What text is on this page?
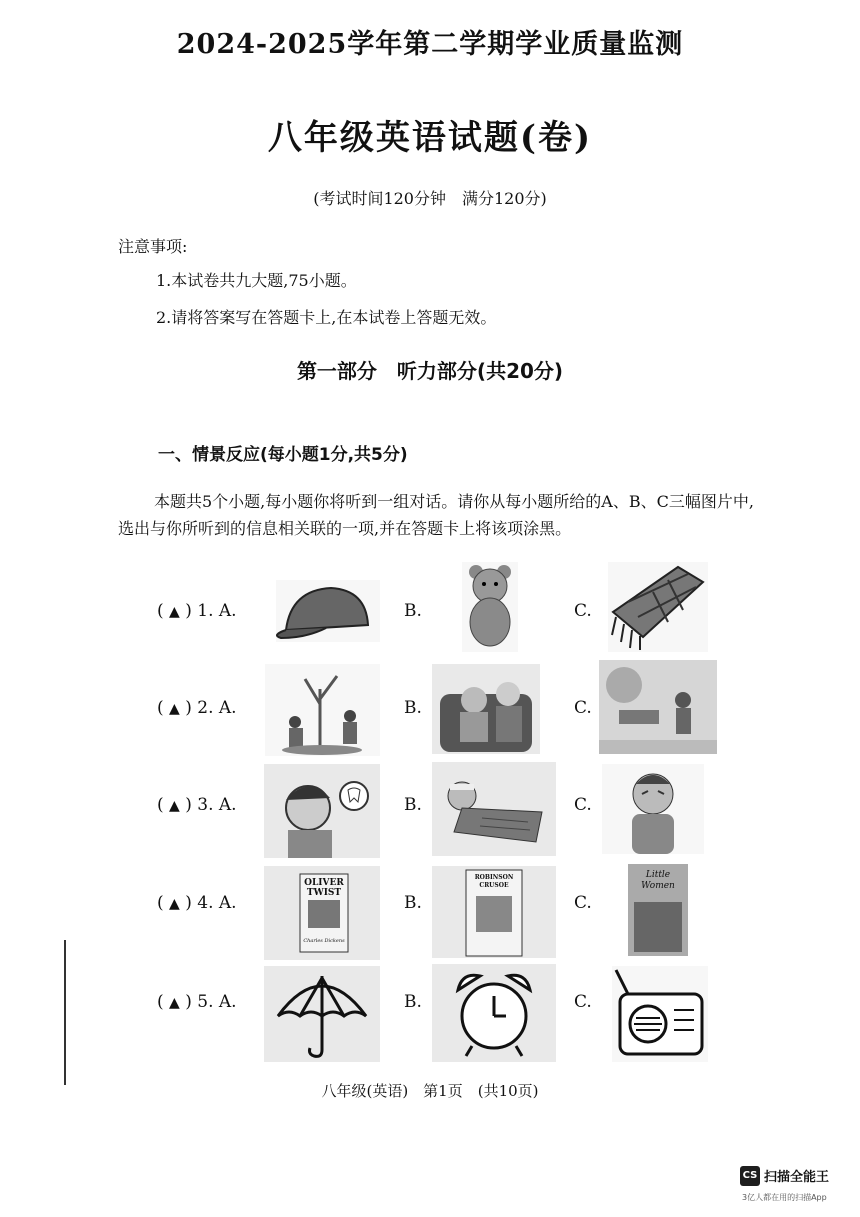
2024-2025学年第二学期学业质量监测
八年级英语试题(卷)
(考试时间120分钟　满分120分)
注意事项:
1.本试卷共九大题,75小题。
2.请将答案写在答题卡上,在本试卷上答题无效。
第一部分　听力部分(共20分)
一、情景反应(每小题1分,共5分)
本题共5个小题,每小题你将听到一组对话。请你从每小题所给的A、B、C三幅图片中,选出与你所听到的信息相关联的一项,并在答题卡上将该项涂黑。
( ▲ ) 1. A.	B.	C.
( ▲ ) 2. A.	B.	C.
( ▲ ) 3. A.	B.	C.
( ▲ ) 4. A.
OLIVER TWIST
Charles Dickens
B.
ROBINSON CRUSOE
C.
Little Women
( ▲ ) 5. A.	B.	C.
八年级(英语)　第1页　(共10页)
CS 扫描全能王
3亿人都在用的扫描App
